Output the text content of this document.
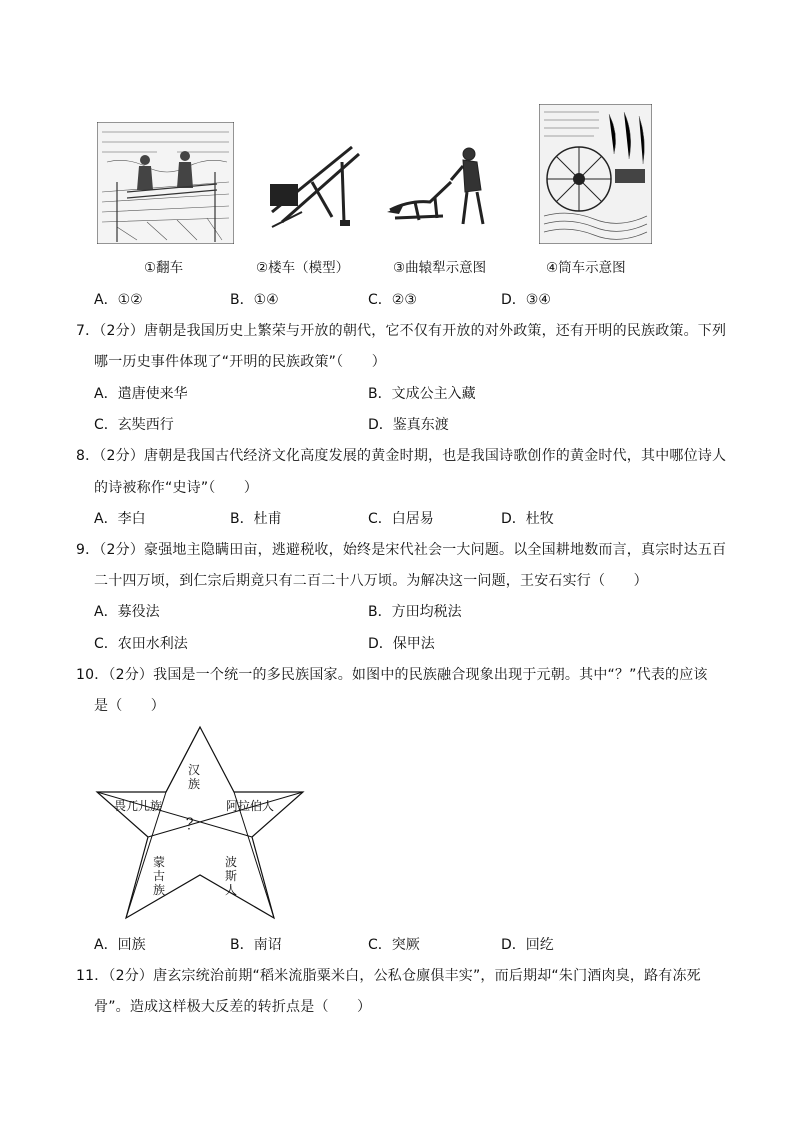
①翻车	②楼车（模型）	③曲辕犁示意图	④筒车示意图
A．①②	B．①④	C．②③	D．③④
7．（2分）唐朝是我国历史上繁荣与开放的朝代，它不仅有开放的对外政策，还有开明的民族政策。下列
哪一历史事件体现了“开明的民族政策”（　　）
A．遣唐使来华	B．文成公主入藏
C．玄奘西行	D．鉴真东渡
8．（2分）唐朝是我国古代经济文化高度发展的黄金时期，也是我国诗歌创作的黄金时代，其中哪位诗人
的诗被称作“史诗”（　　）
A．李白	B．杜甫	C．白居易	D．杜牧
9．（2分）豪强地主隐瞒田亩，逃避税收，始终是宋代社会一大问题。以全国耕地数而言，真宗时达五百
二十四万顷，到仁宗后期竟只有二百二十八万顷。为解决这一问题，王安石实行（　　）
A．募役法	B．方田均税法
C．农田水利法	D．保甲法
10．（2分）我国是一个统一的多民族国家。如图中的民族融合现象出现于元朝。其中“？”代表的应该
是（　　）
汉
族
畏兀儿族	阿拉伯人
蒙
古
族
波
斯
人
？
A．回族	B．南诏	C．突厥	D．回纥
11．（2分）唐玄宗统治前期“稻米流脂粟米白，公私仓廪俱丰实”，而后期却“朱门酒肉臭，路有冻死
骨”。造成这样极大反差的转折点是（　　）
